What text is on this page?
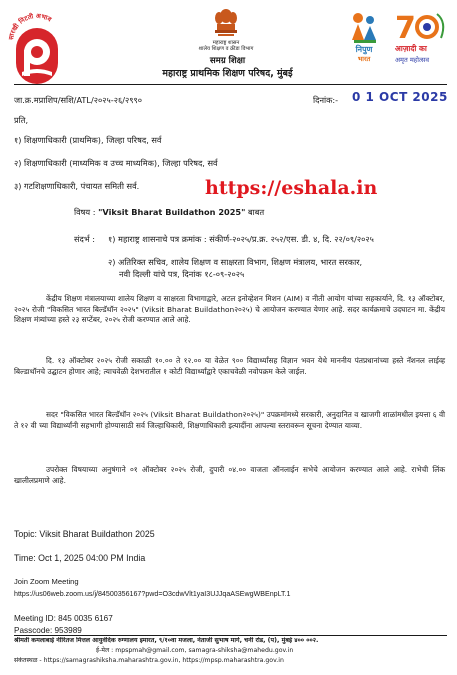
रखी निटती अभाव
महाराष्ट्र शासन
शालेय शिक्षण व क्रीडा विभाग
समग्र शिक्षा
महाराष्ट्र प्राथमिक शिक्षण परिषद, मुंबई
निपुण
भारत
7
आज़ादी का
अमृत महोत्सव
जा.क्र.मप्राशिप/सशि/ATL/२०२५-२६/२९९०	दिनांक:- 0 1 OCT 2025
प्रति,
१) शिक्षणाधिकारी (प्राथमिक), जिल्हा परिषद, सर्व
२) शिक्षणाधिकारी (माध्यमिक व उच्च माध्यमिक), जिल्हा परिषद, सर्व
३) गटशिक्षणाधिकारी, पंचायत समिती सर्व.	https://eshala.in
विषय : "Viksit Bharat Buildathon 2025" बाबत
संदर्भ : १) महाराष्ट्र शासनाचे पत्र क्रमांक : संकीर्ण-२०२५/प्र.क्र. २५२/एस. डी. ४, दि. २२/०९/२०२५
२) अतिरिक्त सचिव, शालेय शिक्षण व साक्षरता विभाग, शिक्षण मंत्रालय, भारत सरकार,
नवी दिल्ली यांचे पत्र, दिनांक १८-०९-२०२५
केंद्रीय शिक्षण मंत्रालयाच्या शालेय शिक्षण व साक्षरता विभागाद्वारे, अटल इनोव्हेशन मिशन (AIM) व नीती आयोग यांच्या सहकार्याने, दि. १३ ऑक्टोबर, २०२५ रोजी "विकसित भारत बिल्डॅथॉन २०२५" (Viksit Bharat Buildathon२०२५) चे आयोजन करण्यात येणार आहे. सदर कार्यक्रमाचे उदघाटन मा. केंद्रीय शिक्षण मंत्र्यांच्या हस्ते २३ सप्टेंबर, २०२५ रोजी करण्यात आले आहे.
दि. १३ ऑक्टोबर २०२५ रोजी सकाळी १०.०० ते १२.०० या वेळेत ९०० विद्यार्थ्यांसह विज्ञान भवन येथे माननीय पंतप्रधानांच्या हस्ते नॅशनल लाईव्ह बिल्डाथॉनचे उद्घाटन होणार आहे; त्याचवेळी देशभरातील १ कोटी विद्यार्थ्यांद्वारे एकाचवेळी नवोपक्रम केले जाईल.
सदर "विकसित भारत बिल्डॅथॉन २०२५ (Viksit Bharat Buildathon२०२५)" उपक्रमांमध्ये सरकारी, अनुदानित व खाजगी शाळांमधील इयत्ता ६ वी ते १२ वी च्या विद्यार्थ्यांनी सहभागी होण्यासाठी सर्व जिल्हाधिकारी, शिक्षणाधिकारी इत्यादींना आपल्या स्तरावरून सूचना देण्यात याव्या.
उपरोक्त विषयाच्या अनुषंगाने ०१ ऑक्टोबर २०२५ रोजी, दुपारी ०४.०० वाजता ऑनलाईन सभेचे आयोजन करण्यात आले आहे. राभेची लिंक खालीलप्रमाणे आहे.
Topic: Viksit Bharat Buildathon 2025
Time: Oct 1, 2025 04:00 PM India
Join Zoom Meeting
https://us06web.zoom.us/j/84500356167?pwd=O3cdwVlt1yaI3UJJqaASEwgWBEnpLT.1
Meeting ID: 845 0035 6167
Passcode: 953989
श्रीमती कमलाबाई नीरितज मित्तल आयुर्वेदिक रुग्णालय इमारत, ९/१०वा मजला, नेताजी सुभाष मार्ग, चर्नी रोड, (प), मुंबई ४०० ००२.
ई-मेल : mpspmah@gmail.com, samagra-shiksha@mahedu.gov.in
संकेतस्थळ - https://samagrashiksha.maharashtra.gov.in, https://mpsp.maharashtra.gov.in
